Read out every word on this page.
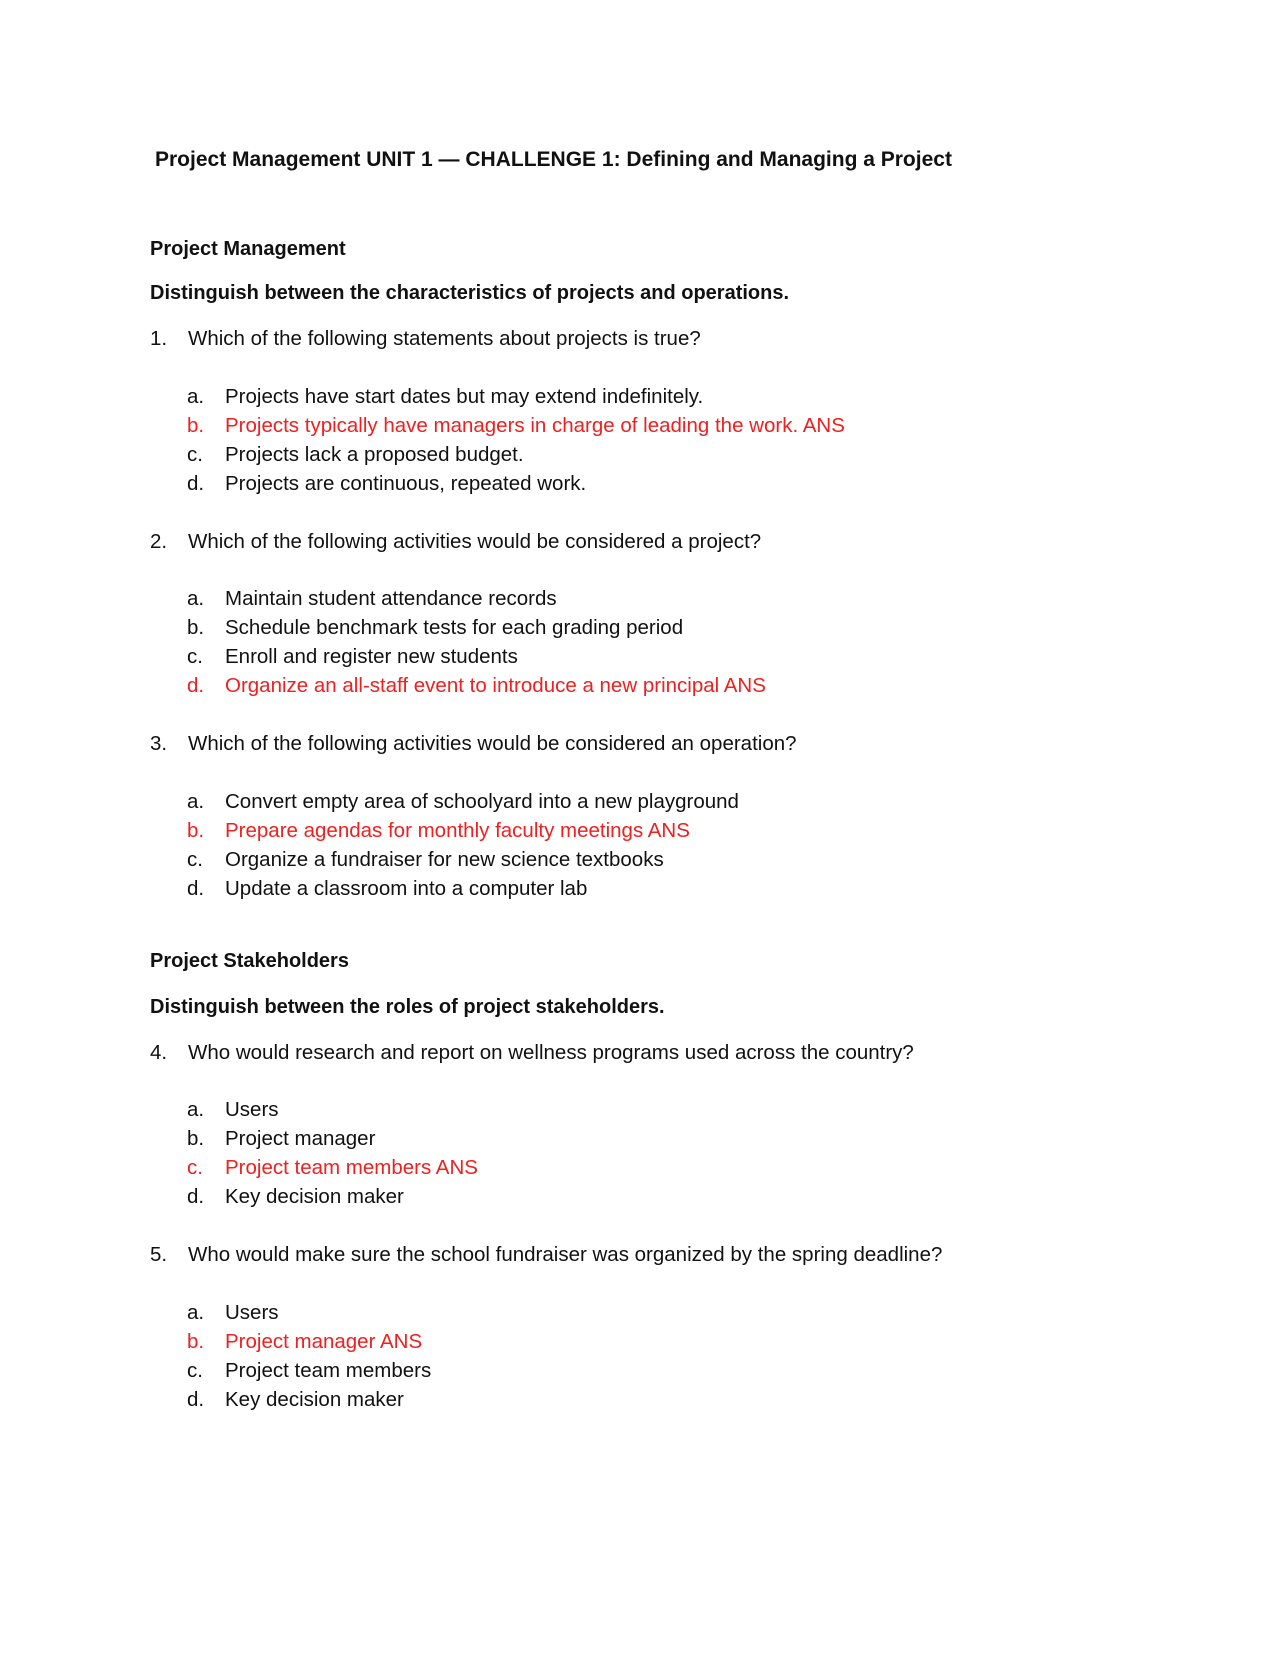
Project Management UNIT 1 — CHALLENGE 1: Defining and Managing a Project
Project Management

Distinguish between the characteristics of projects and operations.

1. Which of the following statements about projects is true?

a. Projects have start dates but may extend indefinitely.
b. Projects typically have managers in charge of leading the work. ANS
c. Projects lack a proposed budget.
d. Projects are continuous, repeated work.

2. Which of the following activities would be considered a project?

a. Maintain student attendance records
b. Schedule benchmark tests for each grading period
c. Enroll and register new students
d. Organize an all-staff event to introduce a new principal ANS

3. Which of the following activities would be considered an operation?

a. Convert empty area of schoolyard into a new playground
b. Prepare agendas for monthly faculty meetings ANS
c. Organize a fundraiser for new science textbooks
d. Update a classroom into a computer lab
Project Stakeholders

Distinguish between the roles of project stakeholders.

4. Who would research and report on wellness programs used across the country?

a. Users
b. Project manager
c. Project team members ANS
d. Key decision maker

5. Who would make sure the school fundraiser was organized by the spring deadline?

a. Users
b. Project manager ANS
c. Project team members
d. Key decision maker
